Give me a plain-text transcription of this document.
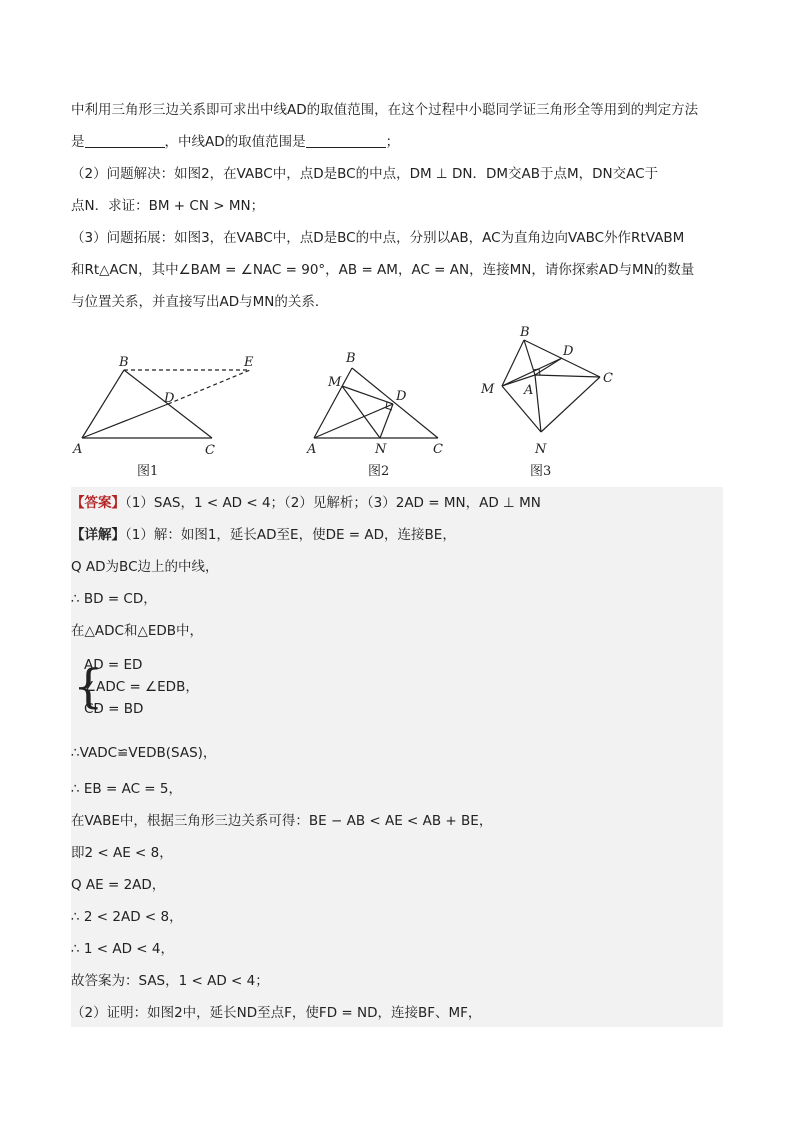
中利用三角形三边关系即可求出中线AD的取值范围，在这个过程中小聪同学证三角形全等用到的判定方法
是	，中线AD的取值范围是	；
（2）问题解决：如图2，在VABC中，点D是BC的中点，DM ⊥ DN．DM交AB于点M，DN交AC于
点N．求证：BM + CN > MN；
（3）问题拓展：如图3，在VABC中，点D是BC的中点，分别以AB，AC为直角边向VABC外作RtVABM
和Rt△ACN，其中∠BAM = ∠NAC = 90°，AB = AM，AC = AN，连接MN，请你探索AD与MN的数量
与位置关系，并直接写出AD与MN的关系．
B	E
D
A	C
B
M
D
A	N	C
B
D
M A
C
N
图1	图2	图3
【答案】（1）SAS，1 < AD < 4；（2）见解析；（3）2AD = MN，AD ⊥ MN
【详解】（1）解：如图1，延长AD至E，使DE = AD，连接BE，
Q AD为BC边上的中线，
∴ BD = CD，
在△ADC和△EDB中，
{
AD = ED
∠ADC = ∠EDB，
CD = BD
∴VADC≌VEDB(SAS)，
∴ EB = AC = 5，
在VABE中，根据三角形三边关系可得：BE − AB < AE < AB + BE，
即2 < AE < 8，
Q AE = 2AD，
∴ 2 < 2AD < 8，
∴ 1 < AD < 4，
故答案为：SAS，1 < AD < 4；
（2）证明：如图2中，延长ND至点F，使FD = ND，连接BF、MF，
